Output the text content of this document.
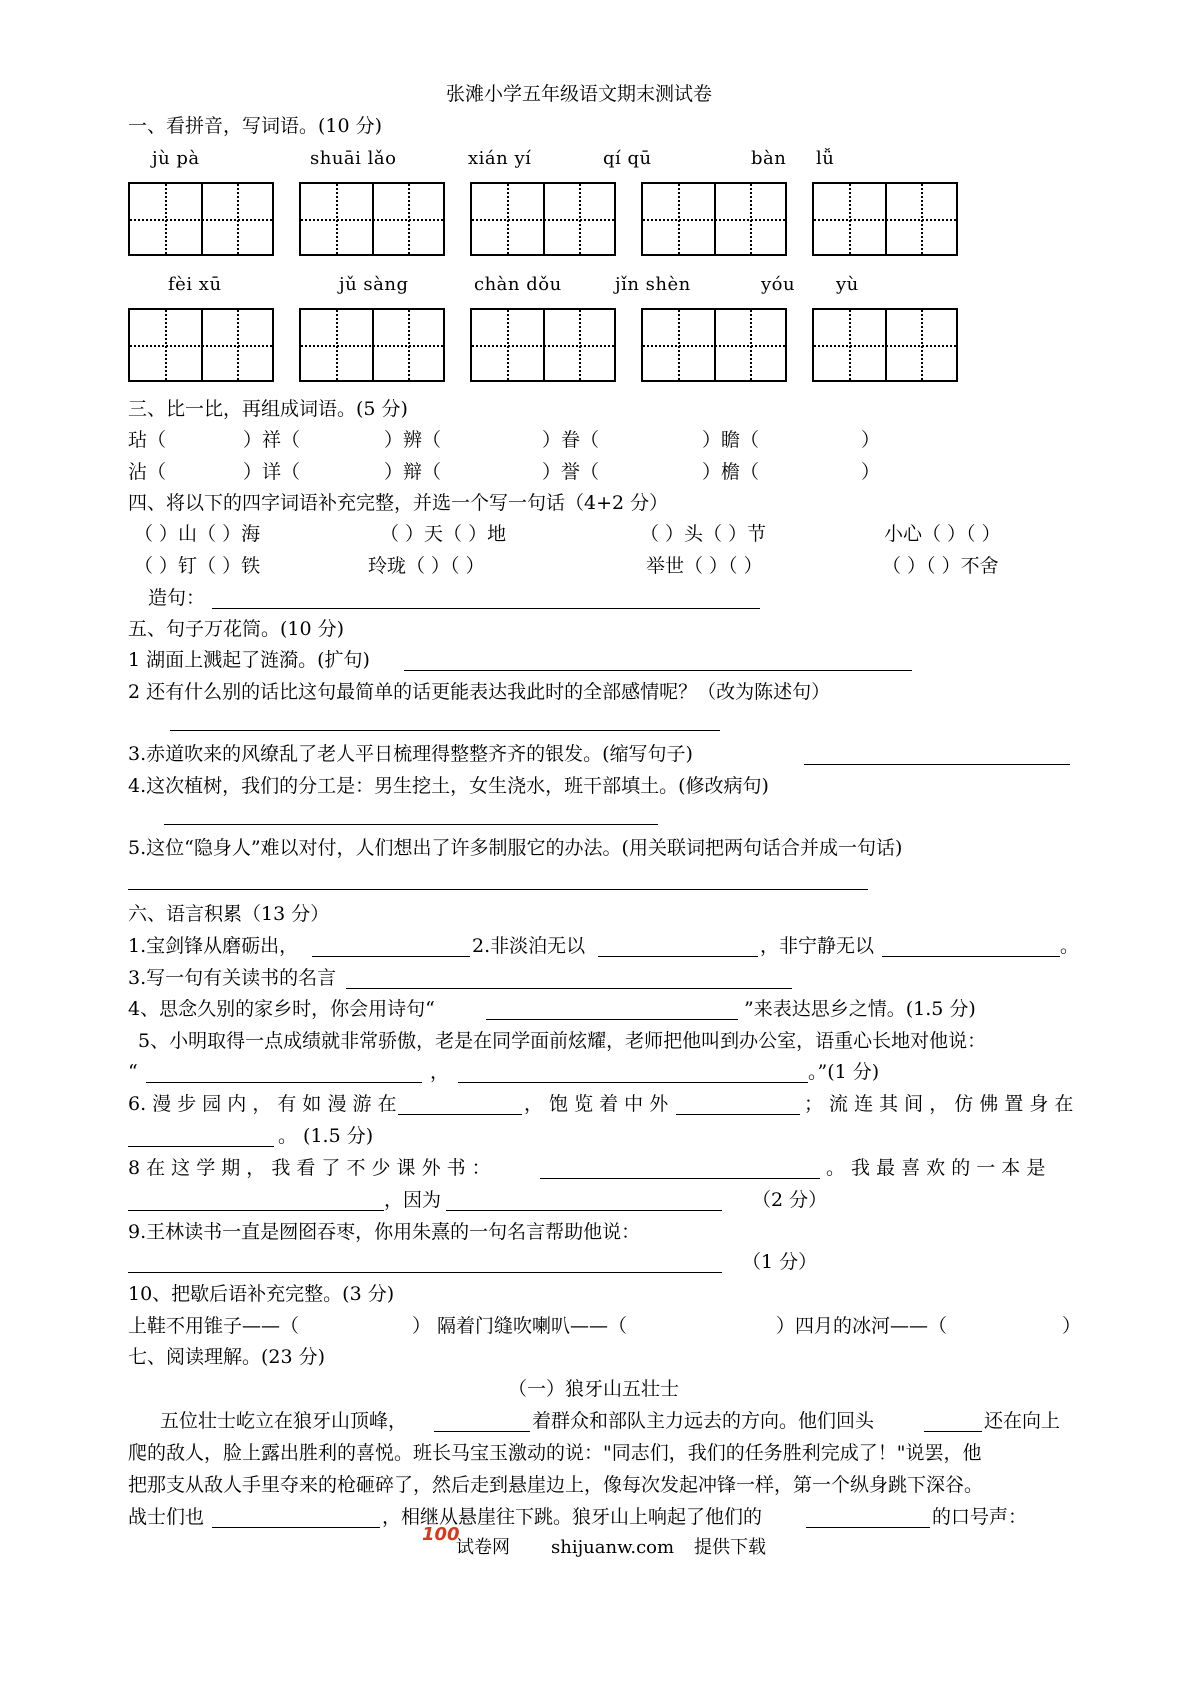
张滩小学五年级语文期末测试卷
一、看拼音，写词语。(10 分)
jù pà	shuāi lǎo	xián yí	qí qū	bàn lǚ
fèi xū	jǔ sàng	chàn dǒu	jǐn shèn	yóu yù
三、比一比，再组成词语。(5 分)
玷（	）祥（	）辨（	）眷（	）瞻（	）
沾（	）详（	）辩（	）誉（	）檐（	）
四、将以下的四字词语补充完整，并选一个写一句话（4+2 分）
（ ）山（ ）海	（ ）天（ ）地	（ ）头（ ）节	小心（ ）（ ）
（ ）钉（ ）铁	玲珑（ ）（ ）	举世（ ）（ ）	（ ）（ ）不舍
造句：
五、句子万花筒。(10 分)
1 湖面上溅起了涟漪。(扩句)
2 还有什么别的话比这句最简单的话更能表达我此时的全部感情呢？（改为陈述句）
3.赤道吹来的风缭乱了老人平日梳理得整整齐齐的银发。(缩写句子)
4.这次植树，我们的分工是：男生挖土，女生浇水，班干部填土。(修改病句)
5.这位“隐身人”难以对付，人们想出了许多制服它的办法。(用关联词把两句话合并成一句话)
六、语言积累（13 分）
1.宝剑锋从磨砺出，	2.非淡泊无以	，非宁静无以	。
3.写一句有关读书的名言
4、思念久别的家乡时，你会用诗句“	”来表达思乡之情。(1.5 分)
5、小明取得一点成绩就非常骄傲，老是在同学面前炫耀，老师把他叫到办公室，语重心长地对他说：
“	，	。”(1 分)
6. 漫 步 园 内 ， 有 如 漫 游 在	， 饱 览 着 中 外	； 流 连 其 间 ， 仿 佛 置 身 在
。 (1.5 分)
8 在 这 学 期 ， 我 看 了 不 少 课 外 书 ：	。 我 最 喜 欢 的 一 本 是
，因为	（2 分）
9.王林读书一直是囫囵吞枣，你用朱熹的一句名言帮助他说：
（1 分）
10、把歇后语补充完整。(3 分)
上鞋不用锥子——（	） 隔着门缝吹喇叭——（	）四月的冰河——（	）
七、阅读理解。(23 分)
（一）狼牙山五壮士
五位壮士屹立在狼牙山顶峰，	着群众和部队主力远去的方向。他们回头	还在向上
爬的敌人，脸上露出胜利的喜悦。班长马宝玉激动的说："同志们，我们的任务胜利完成了！"说罢，他
把那支从敌人手里夺来的枪砸碎了，然后走到悬崖边上，像每次发起冲锋一样，第一个纵身跳下深谷。
战士们也	，相继从悬崖往下跳。狼牙山上响起了他们的	的口号声：
100
试卷网 shijuanw.com 提供下载
